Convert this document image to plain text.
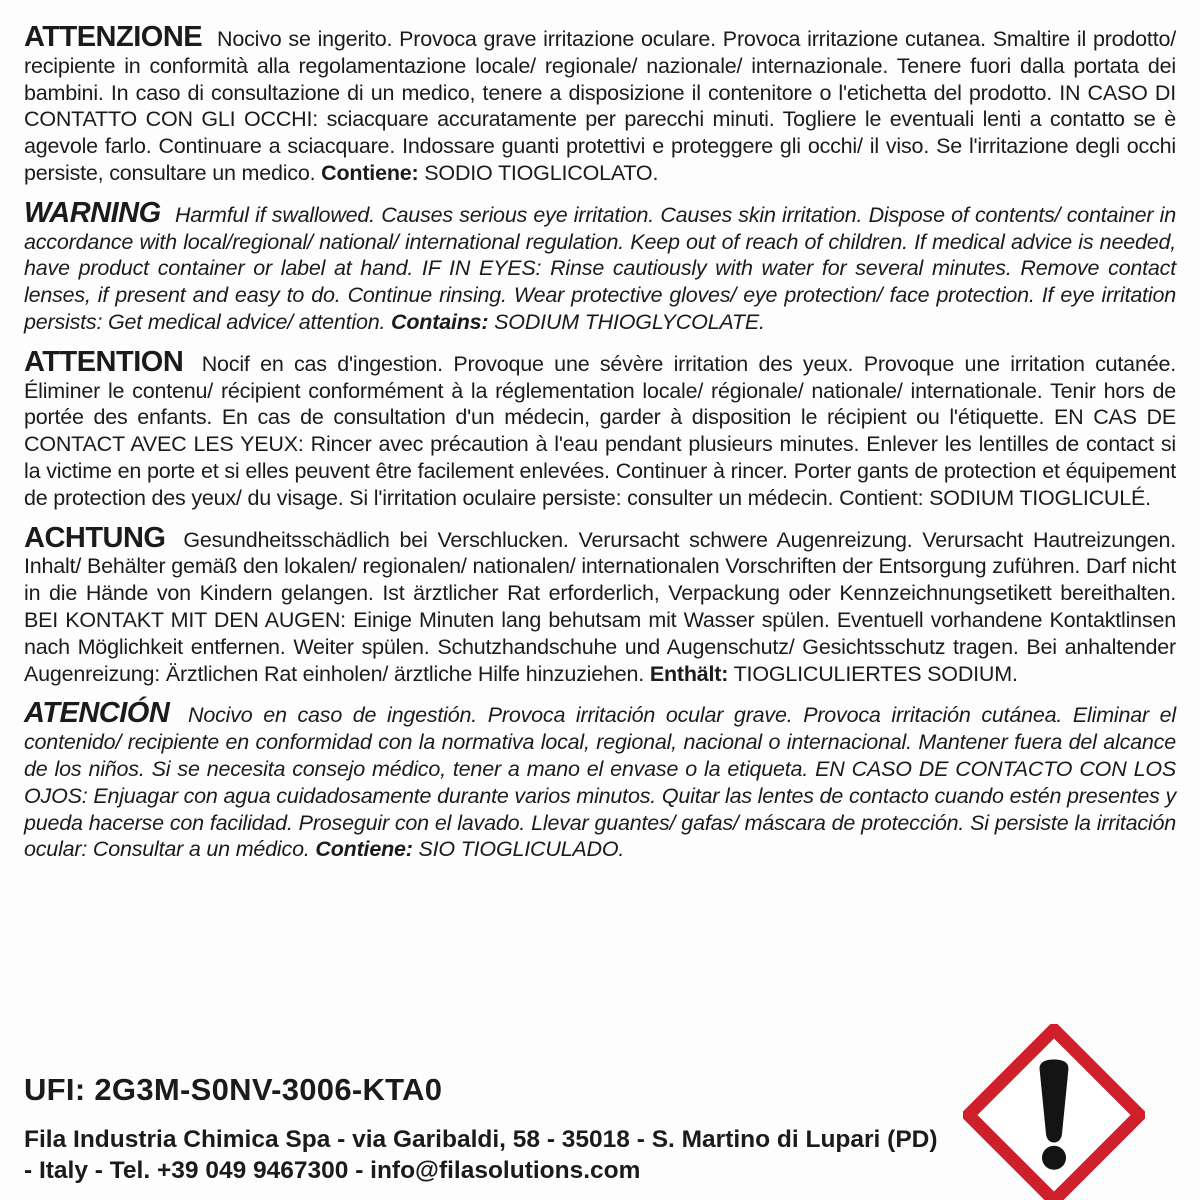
ATTENZIONE Nocivo se ingerito. Provoca grave irritazione oculare. Provoca irritazione cutanea. Smaltire il prodotto/ recipiente in conformità alla regolamentazione locale/ regionale/ nazionale/ internazionale. Tenere fuori dalla portata dei bambini. In caso di consultazione di un medico, tenere a disposizione il contenitore o l'etichetta del prodotto. IN CASO DI CONTATTO CON GLI OCCHI: sciacquare accuratamente per parecchi minuti. Togliere le eventuali lenti a contatto se è agevole farlo. Continuare a sciacquare. Indossare guanti protettivi e proteggere gli occhi/ il viso. Se l'irritazione degli occhi persiste, consultare un medico. Contiene: SODIO TIOGLICOLATO.

WARNING Harmful if swallowed. Causes serious eye irritation. Causes skin irritation. Dispose of contents/ container in accordance with local/regional/ national/ international regulation. Keep out of reach of children. If medical advice is needed, have product container or label at hand. IF IN EYES: Rinse cautiously with water for several minutes. Remove contact lenses, if present and easy to do. Continue rinsing. Wear protective gloves/ eye protection/ face protection. If eye irritation persists: Get medical advice/ attention. Contains: SODIUM THIOGLYCOLATE.

ATTENTION Nocif en cas d'ingestion. Provoque une sévère irritation des yeux. Provoque une irritation cutanée. Éliminer le contenu/ récipient conformément à la réglementation locale/ régionale/ nationale/ internationale. Tenir hors de portée des enfants. En cas de consultation d'un médecin, garder à disposition le récipient ou l'étiquette. EN CAS DE CONTACT AVEC LES YEUX: Rincer avec précaution à l'eau pendant plusieurs minutes. Enlever les lentilles de contact si la victime en porte et si elles peuvent être facilement enlevées. Continuer à rincer. Porter gants de protection et équipement de protection des yeux/ du visage. Si l'irritation oculaire persiste: consulter un médecin. Contient: SODIUM TIOGLICULÉ.

ACHTUNG Gesundheitsschädlich bei Verschlucken. Verursacht schwere Augenreizung. Verursacht Hautreizungen. Inhalt/ Behälter gemäß den lokalen/ regionalen/ nationalen/ internationalen Vorschriften der Entsorgung zuführen. Darf nicht in die Hände von Kindern gelangen. Ist ärztlicher Rat erforderlich, Verpackung oder Kennzeichnungsetikett bereithalten. BEI KONTAKT MIT DEN AUGEN: Einige Minuten lang behutsam mit Wasser spülen. Eventuell vorhandene Kontaktlinsen nach Möglichkeit entfernen. Weiter spülen. Schutzhandschuhe und Augenschutz/ Gesichtsschutz tragen. Bei anhaltender Augenreizung: Ärztlichen Rat einholen/ ärztliche Hilfe hinzuziehen. Enthält: TIOGLICULIERTES SODIUM.

ATENCIÓN Nocivo en caso de ingestión. Provoca irritación ocular grave. Provoca irritación cutánea. Eliminar el contenido/ recipiente en conformidad con la normativa local, regional, nacional o internacional. Mantener fuera del alcance de los niños. Si se necesita consejo médico, tener a mano el envase o la etiqueta. EN CASO DE CONTACTO CON LOS OJOS: Enjuagar con agua cuidadosamente durante varios minutos. Quitar las lentes de contacto cuando estén presentes y pueda hacerse con facilidad. Proseguir con el lavado. Llevar guantes/ gafas/ máscara de protección. Si persiste la irritación ocular: Consultar a un médico. Contiene: SIO TIOGLICULADO.

UFI: 2G3M-S0NV-3006-KTA0
Fila Industria Chimica Spa - via Garibaldi, 58 - 35018 - S. Martino di Lupari (PD)
- Italy - Tel. +39 049 9467300 - info@filasolutions.com
